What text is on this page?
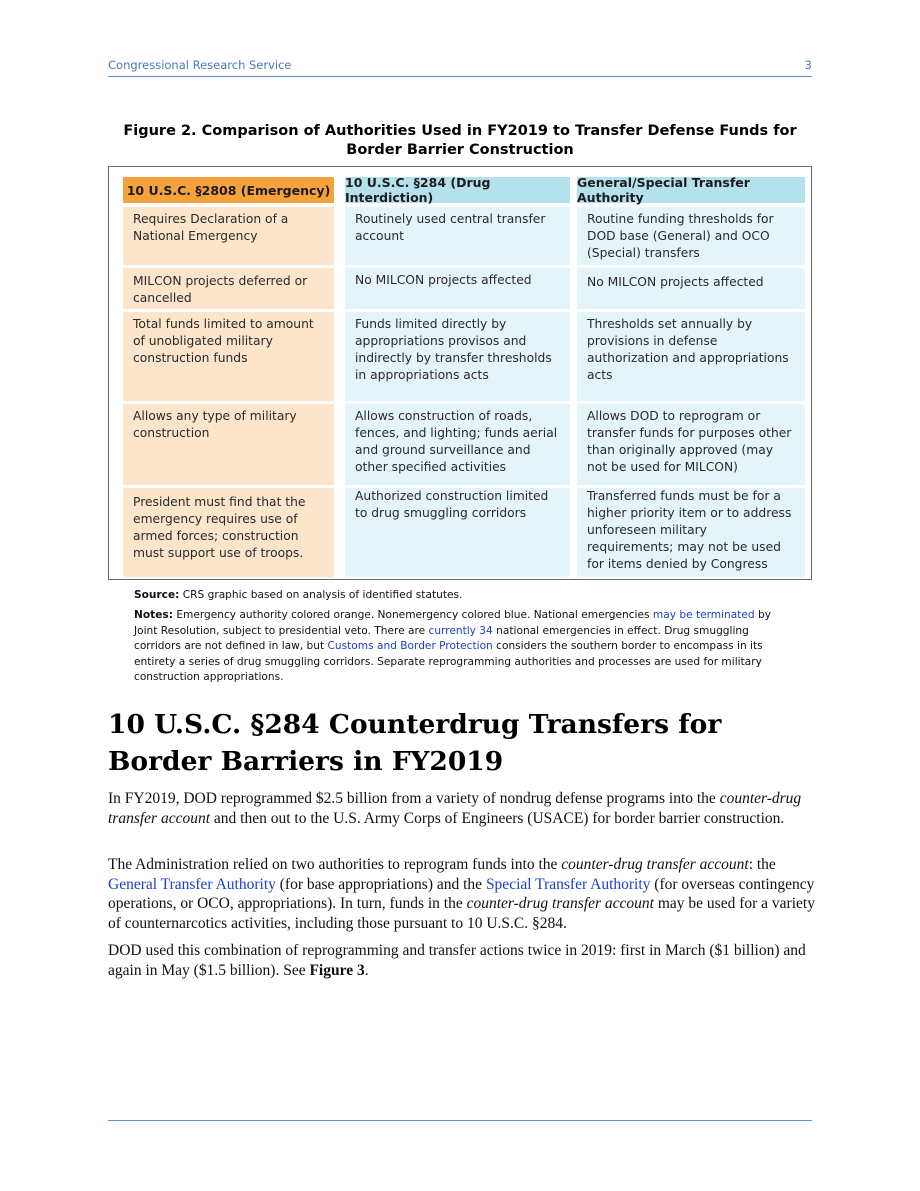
Congressional Research Service	3
Figure 2. Comparison of Authorities Used in FY2019 to Transfer Defense Funds for Border Barrier Construction
10 U.S.C. §2808 (Emergency)
Requires Declaration of a National Emergency
MILCON projects deferred or cancelled
Total funds limited to amount of unobligated military construction funds
Allows any type of military construction
President must find that the emergency requires use of armed forces; construction must support use of troops.
10 U.S.C. §284 (Drug Interdiction)
Routinely used central transfer account
No MILCON projects affected
Funds limited directly by appropriations provisos and indirectly by transfer thresholds in appropriations acts
Allows construction of roads, fences, and lighting; funds aerial and ground surveillance and other specified activities
Authorized construction limited to drug smuggling corridors
General/Special Transfer Authority
Routine funding thresholds for DOD base (General) and OCO (Special) transfers
No MILCON projects affected
Thresholds set annually by provisions in defense authorization and appropriations acts
Allows DOD to reprogram or transfer funds for purposes other than originally approved (may not be used for MILCON)
Transferred funds must be for a higher priority item or to address unforeseen military requirements; may not be used for items denied by Congress
Source: CRS graphic based on analysis of identified statutes.
Notes: Emergency authority colored orange. Nonemergency colored blue. National emergencies may be terminated by Joint Resolution, subject to presidential veto. There are currently 34 national emergencies in effect. Drug smuggling corridors are not defined in law, but Customs and Border Protection considers the southern border to encompass in its entirety a series of drug smuggling corridors. Separate reprogramming authorities and processes are used for military construction appropriations.
10 U.S.C. §284 Counterdrug Transfers for Border Barriers in FY2019

In FY2019, DOD reprogrammed $2.5 billion from a variety of nondrug defense programs into the counter-drug transfer account and then out to the U.S. Army Corps of Engineers (USACE) for border barrier construction.

The Administration relied on two authorities to reprogram funds into the counter-drug transfer account: the General Transfer Authority (for base appropriations) and the Special Transfer Authority (for overseas contingency operations, or OCO, appropriations). In turn, funds in the counter-drug transfer account may be used for a variety of counternarcotics activities, including those pursuant to 10 U.S.C. §284.

DOD used this combination of reprogramming and transfer actions twice in 2019: first in March ($1 billion) and again in May ($1.5 billion). See Figure 3.
